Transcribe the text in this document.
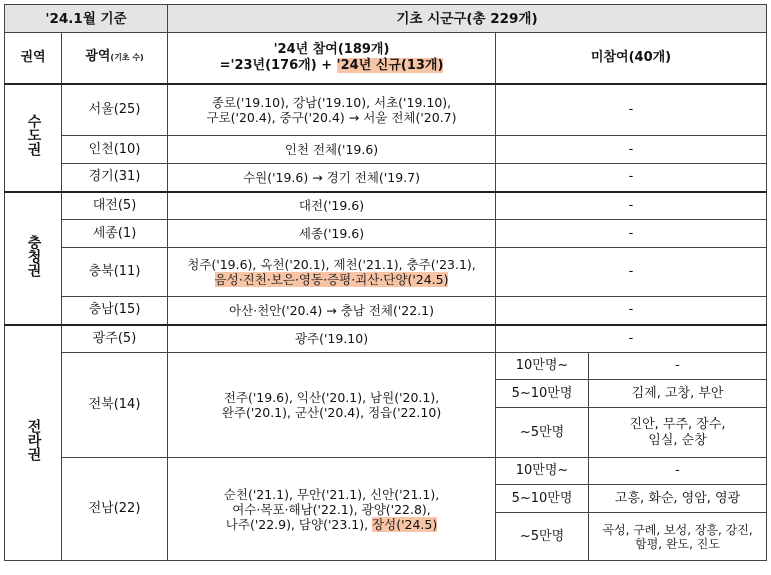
'24.1월 기준		기초 시군구(총 229개)		
권역	광역(기초 수)	'24년 참여(189개)
='23년(176개) + '24년 신규(13개)	미참여(40개)	
수도권	서울(25)	종로('19.10), 강남('19.10), 서초('19.10),
구로('20.4), 중구('20.4) → 서울 전체('20.7)	-	
	인천(10)	인천 전체('19.6)	-	
	경기(31)	수원('19.6) → 경기 전체('19.7)	-	
충청권	대전(5)	대전('19.6)	-	
	세종(1)	세종('19.6)	-	
	충북(11)	청주('19.6), 옥천('20.1), 제천('21.1), 충주('23.1),
음성·진천·보은·영동·증평·괴산·단양('24.5)	-	
	충남(15)	아산·천안('20.4) → 충남 전체('22.1)	-	
전라권	광주(5)	광주('19.10)	-	
	전북(14)	전주('19.6), 익산('20.1), 남원('20.1),
완주('20.1), 군산('20.4), 정읍('22.10)	10만명~	-
			5~10만명	김제, 고창, 부안
			~5만명	진안, 무주, 장수,
임실, 순창

	전남(22)	순천('21.1), 무안('21.1), 신안('21.1),
여수·목포·해남('22.1), 광양('22.8),
나주('22.9), 담양('23.1), 장성('24.5)	10만명~	-
			5~10만명	고흥, 화순, 영암, 영광
			~5만명	곡성, 구례, 보성, 장흥, 강진,
함평, 완도, 진도
